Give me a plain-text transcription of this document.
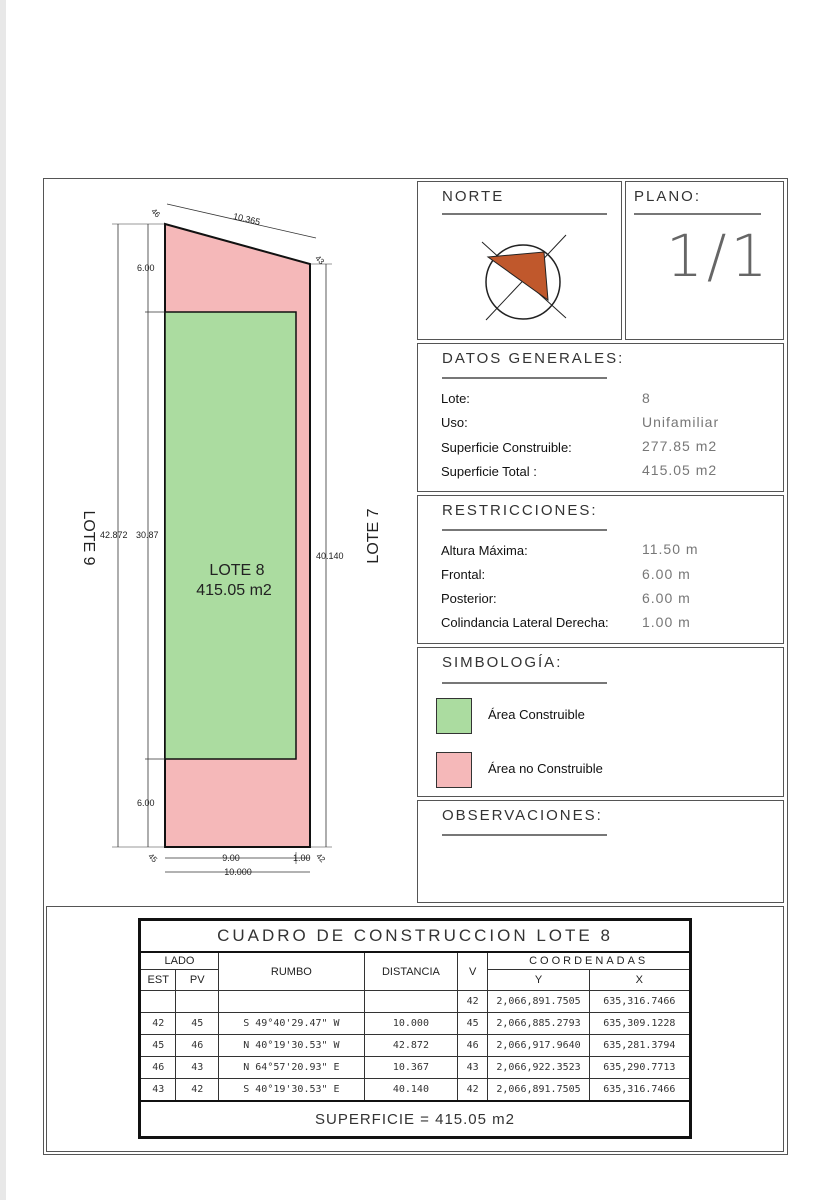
LOTE 8
415.05 m2
LOTE 9	LOTE 7
10.365
6.00
6.00
42.872 30.87
40.140
9.00	1.00
10.000
46
43
45	42
NORTE	PLANO:
1/1
DATOS GENERALES:
Lote:	8
Uso:	Unifamiliar
Superficie Construible:	277.85 m2
Superficie Total :	415.05 m2
RESTRICCIONES:
Altura Máxima:	11.50 m
Frontal:	6.00 m
Posterior:	6.00 m
Colindancia Lateral Derecha: 1.00 m
SIMBOLOGÍA:
Área Construible
Área no Construible
OBSERVACIONES:
CUADRO DE CONSTRUCCION LOTE 8						
LADO		RUMBO	DISTANCIA	V	COORDENADAS	
EST	PV				Y	X
				42	2,066,891.7505	635,316.7466
42	45	S 49°40'29.47" W	10.000	45	2,066,885.2793	635,309.1228
45	46	N 40°19'30.53" W	42.872	46	2,066,917.9640	635,281.3794
46	43	N 64°57'20.93" E	10.367	43	2,066,922.3523	635,290.7713
43	42	S 40°19'30.53" E	40.140	42	2,066,891.7505	635,316.7466
SUPERFICIE = 415.05 m2						
